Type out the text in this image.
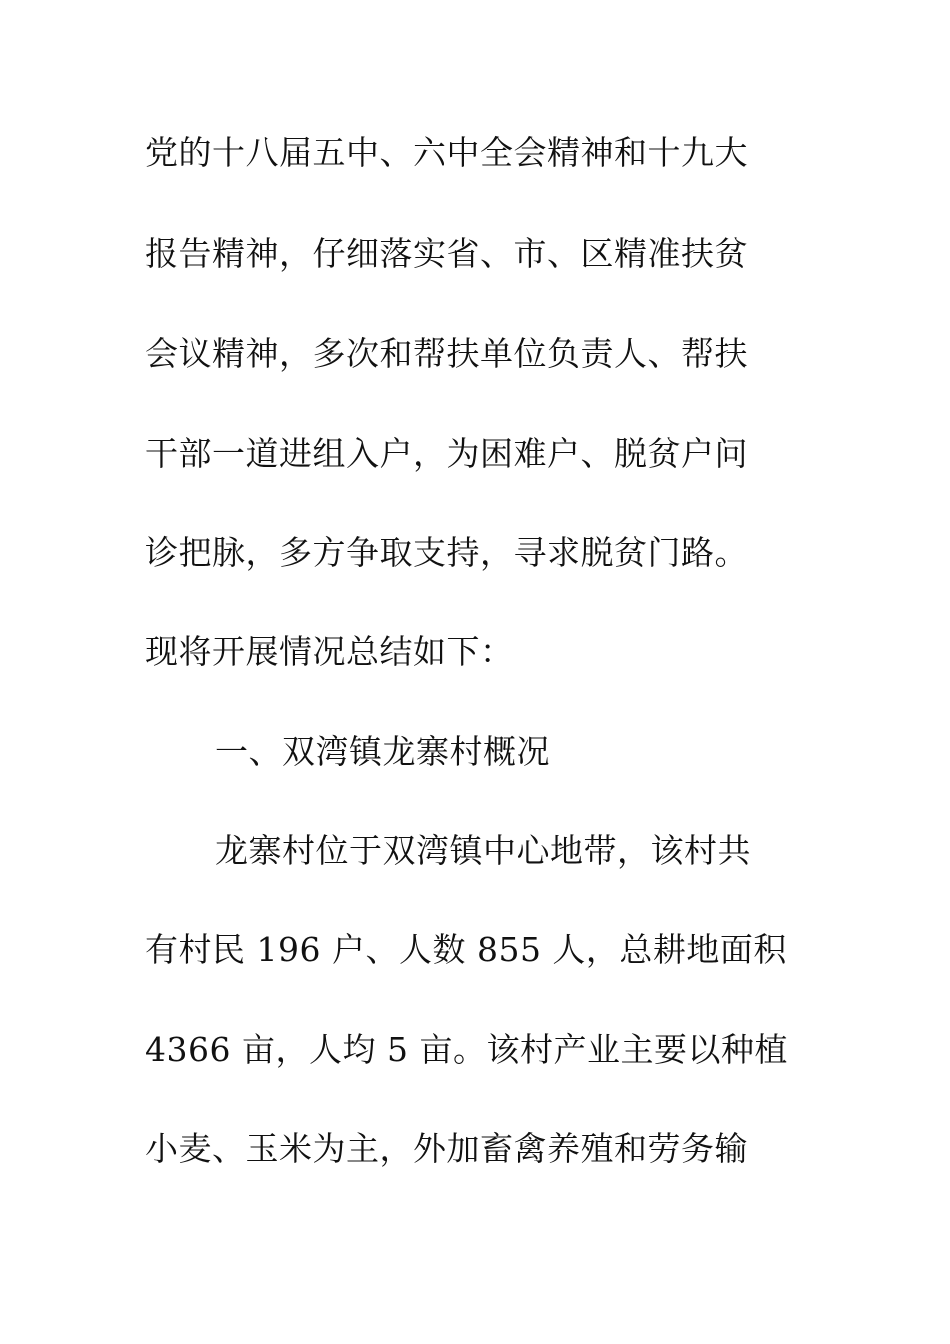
党的十八届五中、六中全会精神和十九大
报告精神，仔细落实省、市、区精准扶贫
会议精神，多次和帮扶单位负责人、帮扶
干部一道进组入户，为困难户、脱贫户问
诊把脉，多方争取支持，寻求脱贫门路。
现将开展情况总结如下：
一、双湾镇龙寨村概况
龙寨村位于双湾镇中心地带，该村共
有村民 196 户、人数 855 人，总耕地面积
4366 亩，人均 5 亩。该村产业主要以种植
小麦、玉米为主，外加畜禽养殖和劳务输
